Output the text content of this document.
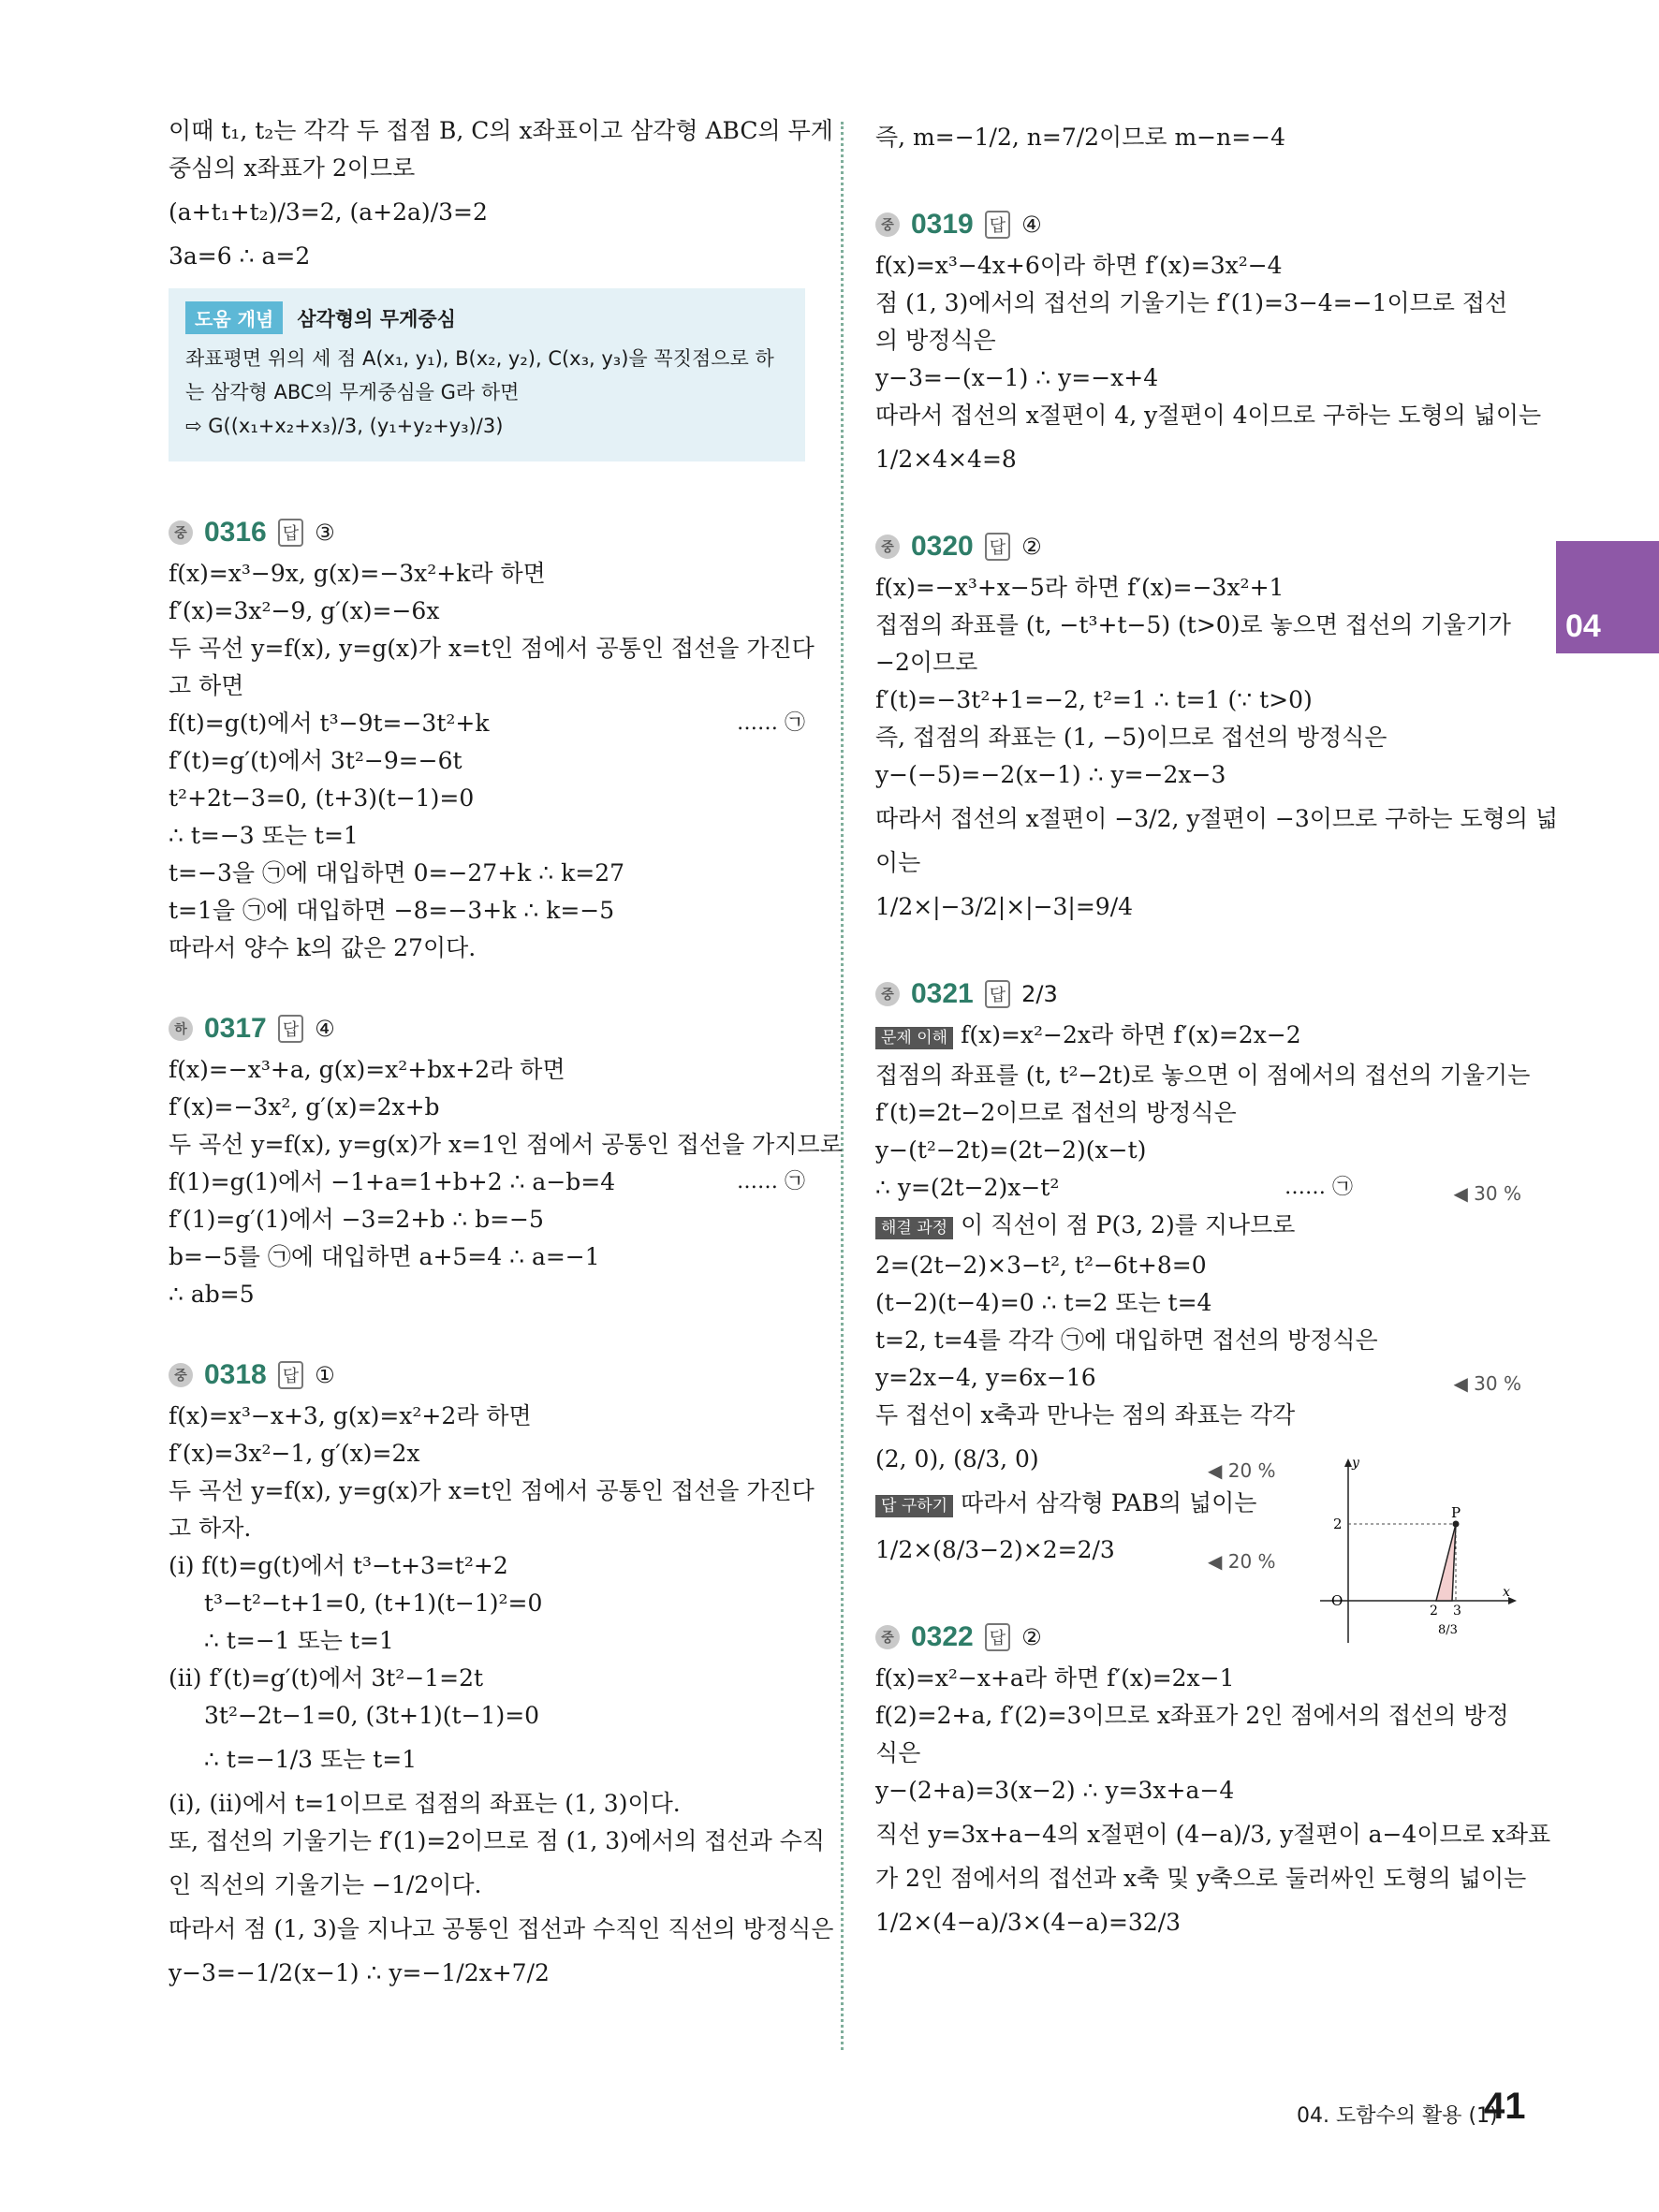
이때 t₁, t₂는 각각 두 접점 B, C의 x좌표이고 삼각형 ABC의 무게
중심의 x좌표가 2이므로
(a+t₁+t₂)/3=2, (a+2a)/3=2
3a=6 ∴ a=2
도움 개념 삼각형의 무게중심
좌표평면 위의 세 점 A(x₁, y₁), B(x₂, y₂), C(x₃, y₃)을 꼭짓점으로 하
는 삼각형 ABC의 무게중심을 G라 하면
⇨ G((x₁+x₂+x₃)/3, (y₁+y₂+y₃)/3)
중 0316 답 ③
f(x)=x³−9x, g(x)=−3x²+k라 하면
f′(x)=3x²−9, g′(x)=−6x
두 곡선 y=f(x), y=g(x)가 x=t인 점에서 공통인 접선을 가진다
고 하면
f(t)=g(t)에서 t³−9t=−3t²+k	…… ㉠
f′(t)=g′(t)에서 3t²−9=−6t
t²+2t−3=0, (t+3)(t−1)=0
∴ t=−3 또는 t=1
t=−3을 ㉠에 대입하면 0=−27+k ∴ k=27
t=1을 ㉠에 대입하면 −8=−3+k ∴ k=−5
따라서 양수 k의 값은 27이다.
하 0317 답 ④
f(x)=−x³+a, g(x)=x²+bx+2라 하면
f′(x)=−3x², g′(x)=2x+b
두 곡선 y=f(x), y=g(x)가 x=1인 점에서 공통인 접선을 가지므로
f(1)=g(1)에서 −1+a=1+b+2 ∴ a−b=4	…… ㉠
f′(1)=g′(1)에서 −3=2+b ∴ b=−5
b=−5를 ㉠에 대입하면 a+5=4 ∴ a=−1
∴ ab=5
중 0318 답 ①
f(x)=x³−x+3, g(x)=x²+2라 하면
f′(x)=3x²−1, g′(x)=2x
두 곡선 y=f(x), y=g(x)가 x=t인 점에서 공통인 접선을 가진다
고 하자.
(i) f(t)=g(t)에서 t³−t+3=t²+2
t³−t²−t+1=0, (t+1)(t−1)²=0
∴ t=−1 또는 t=1
(ii) f′(t)=g′(t)에서 3t²−1=2t
3t²−2t−1=0, (3t+1)(t−1)=0
∴ t=−1/3 또는 t=1
(i), (ii)에서 t=1이므로 접점의 좌표는 (1, 3)이다.
또, 접선의 기울기는 f′(1)=2이므로 점 (1, 3)에서의 접선과 수직
인 직선의 기울기는 −1/2이다.
따라서 점 (1, 3)을 지나고 공통인 접선과 수직인 직선의 방정식은
y−3=−1/2(x−1) ∴ y=−1/2x+7/2
즉, m=−1/2, n=7/2이므로 m−n=−4
중 0319 답 ④
f(x)=x³−4x+6이라 하면 f′(x)=3x²−4
점 (1, 3)에서의 접선의 기울기는 f′(1)=3−4=−1이므로 접선
의 방정식은
y−3=−(x−1) ∴ y=−x+4
따라서 접선의 x절편이 4, y절편이 4이므로 구하는 도형의 넓이는
1/2×4×4=8
중 0320 답 ②
f(x)=−x³+x−5라 하면 f′(x)=−3x²+1
접점의 좌표를 (t, −t³+t−5) (t>0)로 놓으면 접선의 기울기가
−2이므로
f′(t)=−3t²+1=−2, t²=1 ∴ t=1 (∵ t>0)
즉, 접점의 좌표는 (1, −5)이므로 접선의 방정식은
y−(−5)=−2(x−1) ∴ y=−2x−3
따라서 접선의 x절편이 −3/2, y절편이 −3이므로 구하는 도형의 넓
이는
1/2×|−3/2|×|−3|=9/4
중 0321 답 2/3
문제 이해 f(x)=x²−2x라 하면 f′(x)=2x−2
접점의 좌표를 (t, t²−2t)로 놓으면 이 점에서의 접선의 기울기는
f′(t)=2t−2이므로 접선의 방정식은
y−(t²−2t)=(2t−2)(x−t)
∴ y=(2t−2)x−t²	…… ㉠	◀ 30 %
해결 과정 이 직선이 점 P(3, 2)를 지나므로
2=(2t−2)×3−t², t²−6t+8=0
(t−2)(t−4)=0 ∴ t=2 또는 t=4
t=2, t=4를 각각 ㉠에 대입하면 접선의 방정식은
y=2x−4, y=6x−16	◀ 30 %
두 접선이 x축과 만나는 점의 좌표는 각각
(2, 0), (8/3, 0)	◀ 20 %
답 구하기 따라서 삼각형 PAB의 넓이는
1/2×(8/3−2)×2=2/3	◀ 20 %
중 0322 답 ②
f(x)=x²−x+a라 하면 f′(x)=2x−1
f(2)=2+a, f′(2)=3이므로 x좌표가 2인 점에서의 접선의 방정
식은
y−(2+a)=3(x−2) ∴ y=3x+a−4
직선 y=3x+a−4의 x절편이 (4−a)/3, y절편이 a−4이므로 x좌표
가 2인 점에서의 접선과 x축 및 y축으로 둘러싸인 도형의 넓이는
1/2×(4−a)/3×(4−a)=32/3
y
x
O
2
2 3
8/3
P
04
04. 도함수의 활용 (1)
41
